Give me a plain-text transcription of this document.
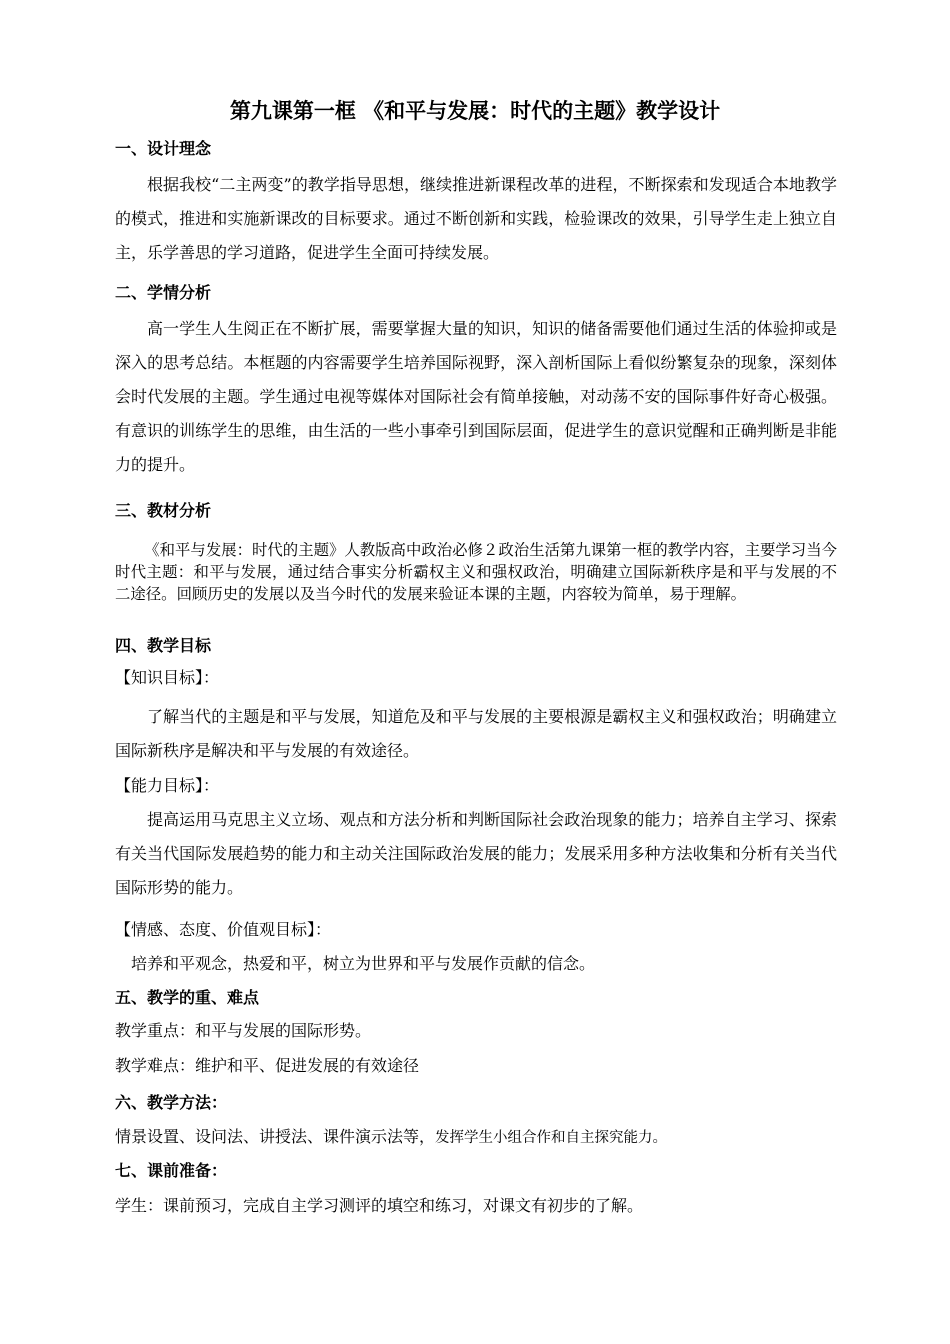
第九课第一框 《和平与发展：时代的主题》教学设计
一、设计理念

根据我校“二主两变”的教学指导思想，继续推进新课程改革的进程，不断探索和发现适合本地教学的模式，推进和实施新课改的目标要求。通过不断创新和实践，检验课改的效果，引导学生走上独立自主，乐学善思的学习道路，促进学生全面可持续发展。

二、学情分析

高一学生人生阅正在不断扩展，需要掌握大量的知识，知识的储备需要他们通过生活的体验抑或是深入的思考总结。本框题的内容需要学生培养国际视野，深入剖析国际上看似纷繁复杂的现象，深刻体会时代发展的主题。学生通过电视等媒体对国际社会有简单接触，对动荡不安的国际事件好奇心极强。有意识的训练学生的思维，由生活的一些小事牵引到国际层面，促进学生的意识觉醒和正确判断是非能力的提升。

三、教材分析

《和平与发展：时代的主题》人教版高中政治必修２政治生活第九课第一框的教学内容，主要学习当今时代主题：和平与发展，通过结合事实分析霸权主义和强权政治，明确建立国际新秩序是和平与发展的不二途径。回顾历史的发展以及当今时代的发展来验证本课的主题，内容较为简单，易于理解。

四、教学目标
【知识目标】：

了解当代的主题是和平与发展，知道危及和平与发展的主要根源是霸权主义和强权政治；明确建立国际新秩序是解决和平与发展的有效途径。

【能力目标】：

提高运用马克思主义立场、观点和方法分析和判断国际社会政治现象的能力；培养自主学习、探索有关当代国际发展趋势的能力和主动关注国际政治发展的能力；发展采用多种方法收集和分析有关当代国际形势的能力。

【情感、态度、价值观目标】：
培养和平观念，热爱和平，树立为世界和平与发展作贡献的信念。
五、教学的重、难点
教学重点：和平与发展的国际形势。
教学难点：维护和平、促进发展的有效途径
六、教学方法：
情景设置、设问法、讲授法、课件演示法等，发挥学生小组合作和自主探究能力。
七、课前准备：
学生：课前预习，完成自主学习测评的填空和练习，对课文有初步的了解。
